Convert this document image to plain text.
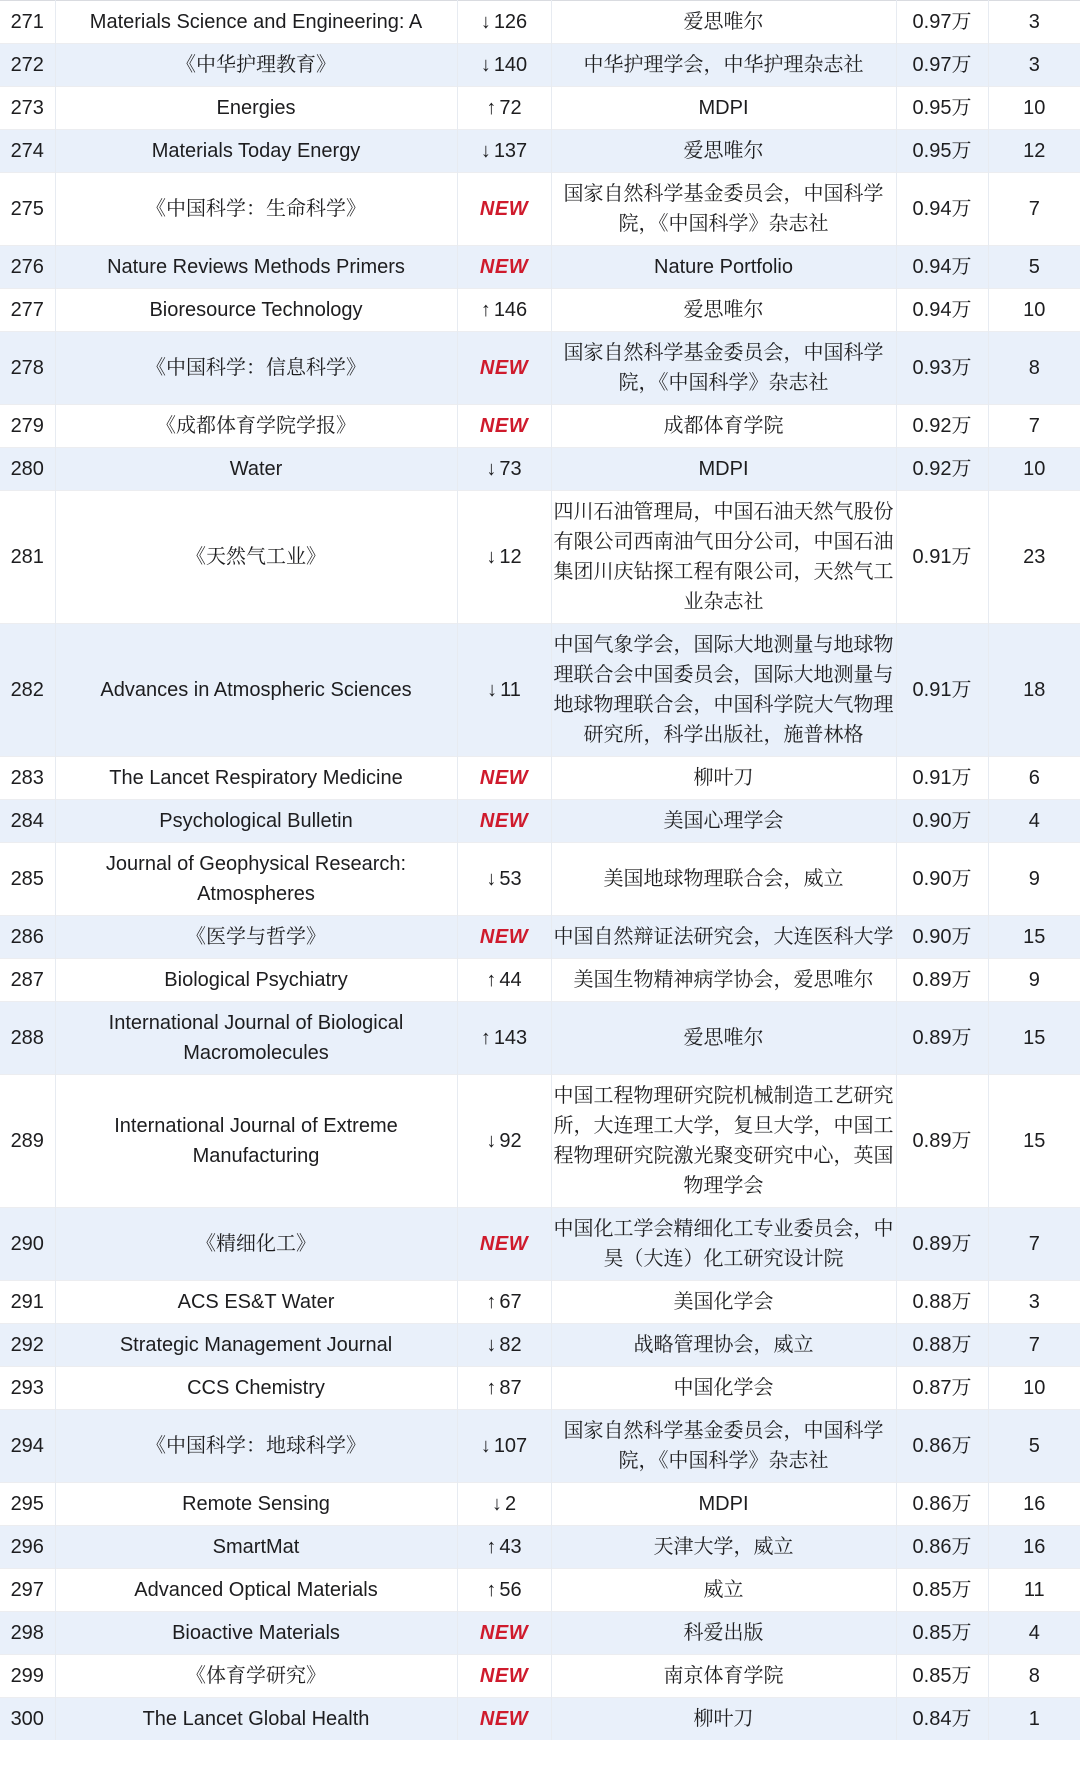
271	Materials Science and Engineering: A	↓ 126	爱思唯尔	0.97万	3
272	《中华护理教育》	↓ 140	中华护理学会，中华护理杂志社	0.97万	3
273	Energies	↑ 72	MDPI	0.95万	10
274	Materials Today Energy	↓ 137	爱思唯尔	0.95万	12
275	《中国科学：生命科学》	NEW	国家自然科学基金委员会，中国科学院，《中国科学》杂志社	0.94万	7
276	Nature Reviews Methods Primers	NEW	Nature Portfolio	0.94万	5
277	Bioresource Technology	↑ 146	爱思唯尔	0.94万	10
278	《中国科学：信息科学》	NEW	国家自然科学基金委员会，中国科学院，《中国科学》杂志社	0.93万	8
279	《成都体育学院学报》	NEW	成都体育学院	0.92万	7
280	Water	↓ 73	MDPI	0.92万	10
281	《天然气工业》	↓ 12	四川石油管理局，中国石油天然气股份有限公司西南油气田分公司，中国石油集团川庆钻探工程有限公司，天然气工业杂志社	0.91万	23
282	Advances in Atmospheric Sciences	↓ 11	中国气象学会，国际大地测量与地球物理联合会中国委员会，国际大地测量与地球物理联合会，中国科学院大气物理研究所，科学出版社，施普林格	0.91万	18
283	The Lancet Respiratory Medicine	NEW	柳叶刀	0.91万	6
284	Psychological Bulletin	NEW	美国心理学会	0.90万	4
285	Journal of Geophysical Research: Atmospheres	↓ 53	美国地球物理联合会，威立	0.90万	9
286	《医学与哲学》	NEW	中国自然辩证法研究会，大连医科大学	0.90万	15
287	Biological Psychiatry	↑ 44	美国生物精神病学协会，爱思唯尔	0.89万	9
288	International Journal of Biological Macromolecules	↑ 143	爱思唯尔	0.89万	15
289	International Journal of Extreme Manufacturing	↓ 92	中国工程物理研究院机械制造工艺研究所，大连理工大学，复旦大学，中国工程物理研究院激光聚变研究中心，英国物理学会	0.89万	15
290	《精细化工》	NEW	中国化工学会精细化工专业委员会，中昊（大连）化工研究设计院	0.89万	7
291	ACS ES&T Water	↑ 67	美国化学会	0.88万	3
292	Strategic Management Journal	↓ 82	战略管理协会，威立	0.88万	7
293	CCS Chemistry	↑ 87	中国化学会	0.87万	10
294	《中国科学：地球科学》	↓ 107	国家自然科学基金委员会，中国科学院，《中国科学》杂志社	0.86万	5
295	Remote Sensing	↓ 2	MDPI	0.86万	16
296	SmartMat	↑ 43	天津大学，威立	0.86万	16
297	Advanced Optical Materials	↑ 56	威立	0.85万	11
298	Bioactive Materials	NEW	科爱出版	0.85万	4
299	《体育学研究》	NEW	南京体育学院	0.85万	8
300	The Lancet Global Health	NEW	柳叶刀	0.84万	1
